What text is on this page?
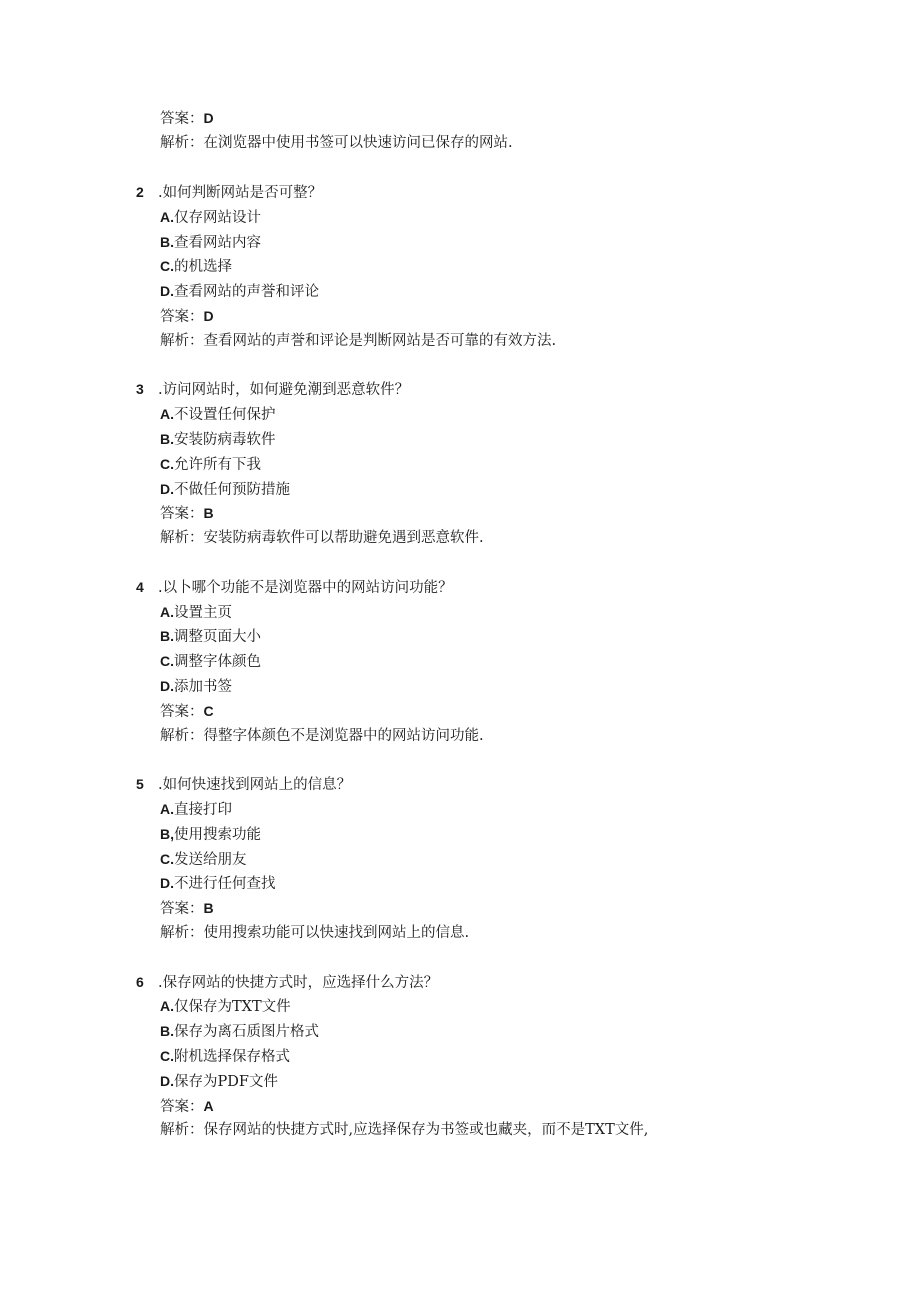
答案：D
解析：在浏览器中使用书签可以快速访问已保存的网站.
2 .如何判断网站是否可整？
A.仅存网站设计
B.查看网站内容
C.的机选择
D.查看网站的声誉和评论
答案：D
解析：查看网站的声誉和评论是判断网站是否可靠的有效方法.
3 .访问网站时，如何避免潮到恶意软件？
A.不设置任何保护
B.安装防病毒软件
C.允许所有下我
D.不做任何预防措施
答案：B
解析：安装防病毒软件可以帮助避免遇到恶意软件.
4 .以卜哪个功能不是浏览器中的网站访问功能？
A.设置主页
B.调整页面大小
C.调整字体颜色
D.添加书签
答案：C
解析：得整字体颜色不是浏览器中的网站访问功能.
5 .如何快速找到网站上的信息？
A.直接打印
B,使用搜索功能
C.发送给朋友
D.不进行任何查找
答案：B
解析：使用搜索功能可以快速找到网站上的信息.
6 .保存网站的快捷方式时，应选择什么方法？
A.仅保存为TXT文件
B.保存为离石质图片格式
C.附机选择保存格式
D.保存为PDF文件
答案：A
解析：保存网站的快捷方式时,应选择保存为书签或也藏夹，而不是TXT文件,
